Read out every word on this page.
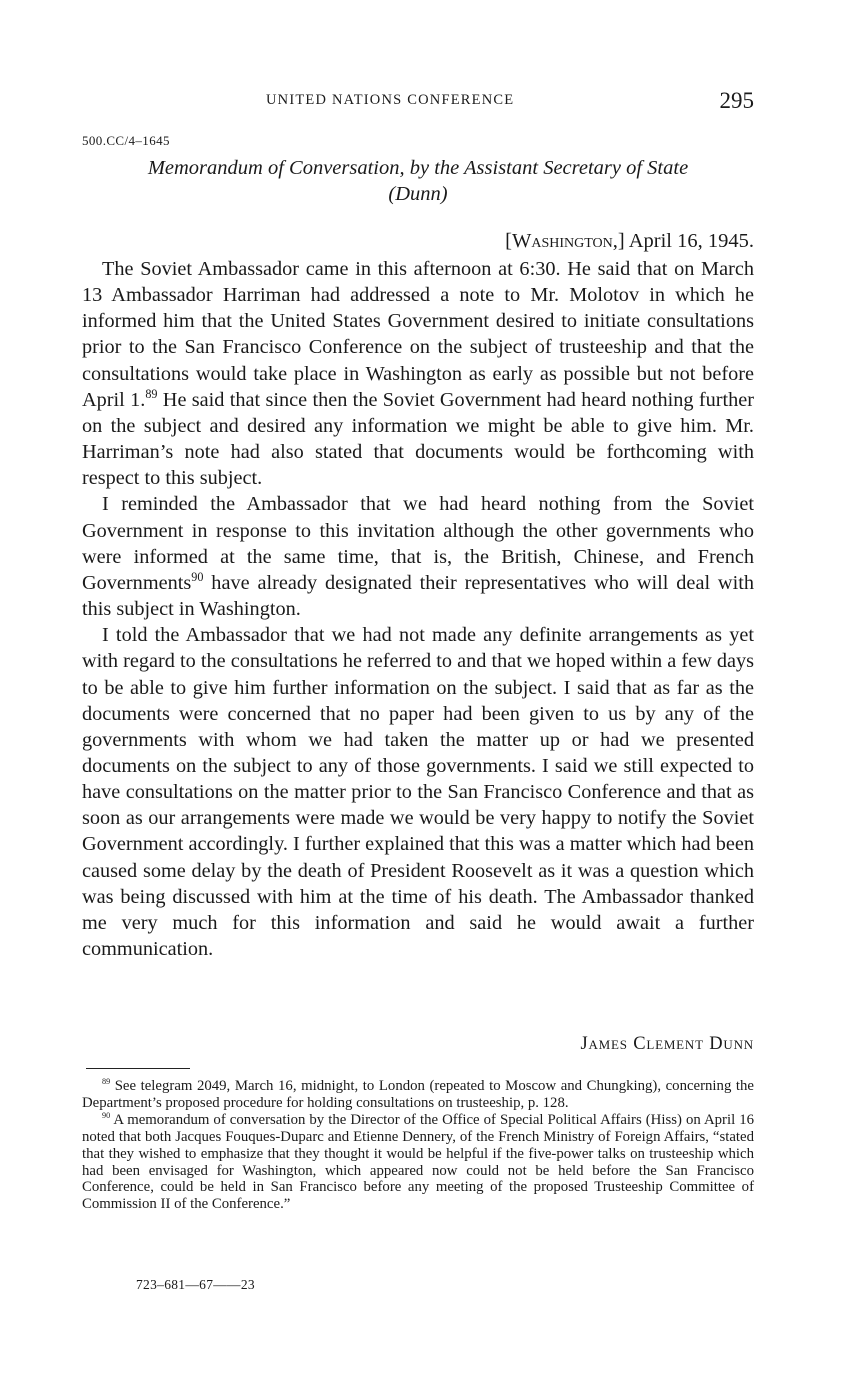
UNITED NATIONS CONFERENCE	295
500.CC/4–1645
Memorandum of Conversation, by the Assistant Secretary of State
(Dunn)
[Washington,] April 16, 1945.

The Soviet Ambassador came in this afternoon at 6:30. He said that on March 13 Ambassador Harriman had addressed a note to Mr. Molotov in which he informed him that the United States Government desired to initiate consultations prior to the San Francisco Conference on the subject of trusteeship and that the consultations would take place in Washington as early as possible but not before April 1.89 He said that since then the Soviet Government had heard nothing further on the subject and desired any information we might be able to give him. Mr. Harriman’s note had also stated that documents would be forthcoming with respect to this subject.

I reminded the Ambassador that we had heard nothing from the Soviet Government in response to this invitation although the other governments who were informed at the same time, that is, the British, Chinese, and French Governments$^{90}$ have already designated their representatives who will deal with this subject in Washington.

I told the Ambassador that we had not made any definite arrangements as yet with regard to the consultations he referred to and that we hoped within a few days to be able to give him further information on the subject. I said that as far as the documents were concerned that no paper had been given to us by any of the governments with whom we had taken the matter up or had we presented documents on the subject to any of those governments. I said we still expected to have consultations on the matter prior to the San Francisco Conference and that as soon as our arrangements were made we would be very happy to notify the Soviet Government accordingly. I further explained that this was a matter which had been caused some delay by the death of President Roosevelt as it was a question which was being discussed with him at the time of his death. The Ambassador thanked me very much for this information and said he would await a further communication.

James Clement Dunn

$^{89}$ See telegram 2049, March 16, midnight, to London (repeated to Moscow and Chungking), concerning the Department’s proposed procedure for holding consultations on trusteeship, p. 128.

$^{90}$ A memorandum of conversation by the Director of the Office of Special Political Affairs (Hiss) on April 16 noted that both Jacques Fouques-Duparc and Etienne Dennery, of the French Ministry of Foreign Affairs, “stated that they wished to emphasize that they thought it would be helpful if the five-power talks on trusteeship which had been envisaged for Washington, which appeared now could not be held before the San Francisco Conference, could be held in San Francisco before any meeting of the proposed Trusteeship Committee of Commission II of the Conference.”

723–681—67——23
